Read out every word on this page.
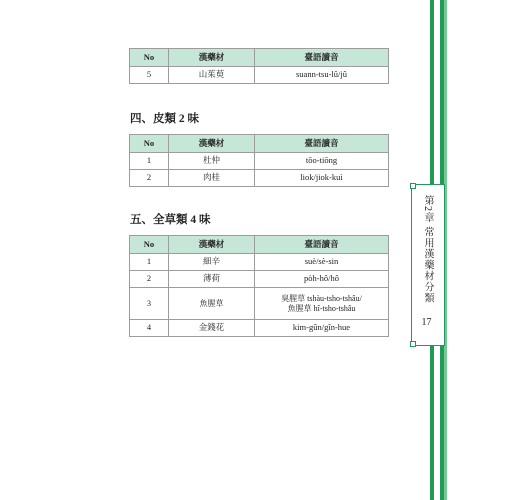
No	漢藥材	臺語讀音
5	山茱萸	suann-tsu-lû/jû
四、皮類 2 味
No	漢藥材	臺語讀音
1	杜仲	tōo-tiōng
2	肉桂	liok/jiok-kuì
五、全草類 4 味
No	漢藥材	臺語讀音
1	細辛	suè/sè-sin
2	薄荷	pòh-hô/hô
3	魚腥草	臭腥草 tshàu-tsho-tshâu/
魚腥草 hî-tsho-tshâu

4	金錢花	kim-gûn/gîn-hue
第2章 常用漢藥材分類
17
